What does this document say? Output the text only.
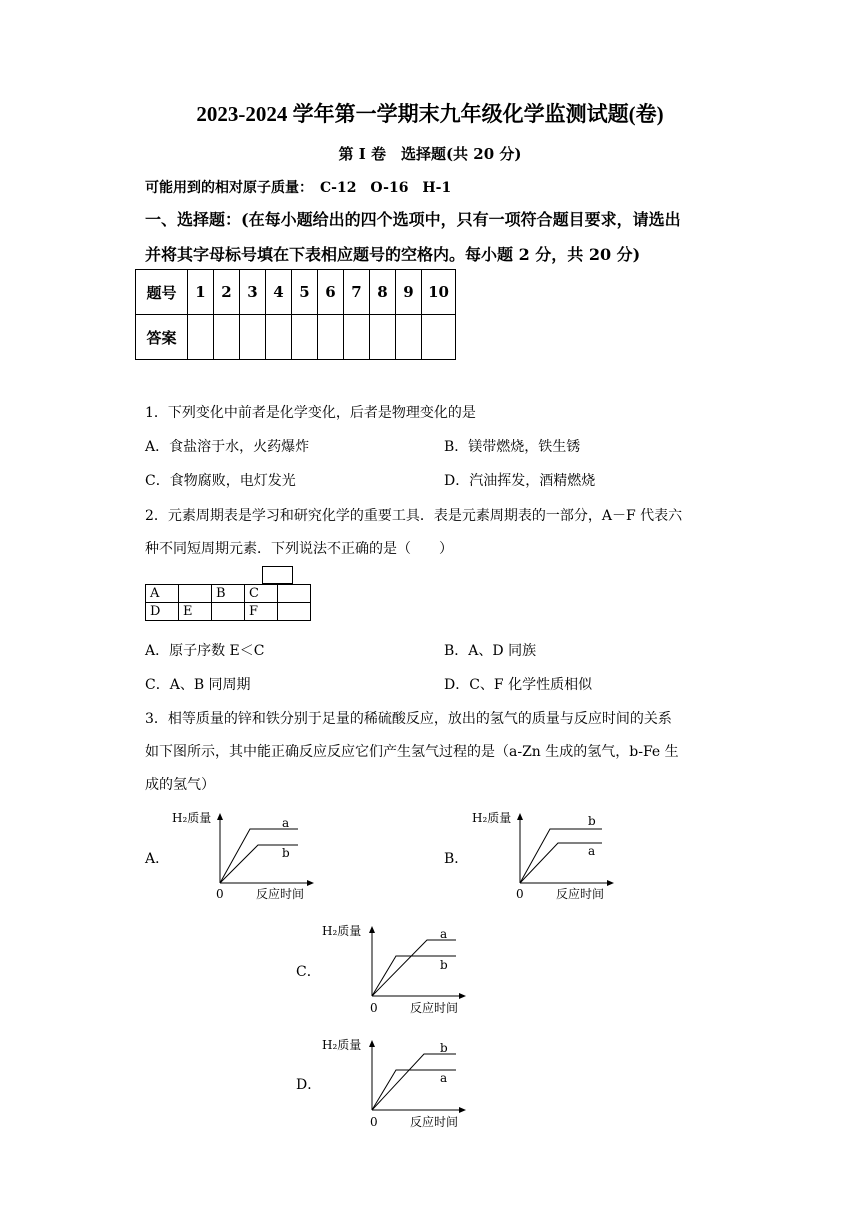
2023-2024 学年第一学期末九年级化学监测试题(卷)
第 I 卷　选择题(共 20 分)
可能用到的相对原子质量：　C-12　O-16　H-1
一、选择题：(在每小题给出的四个选项中，只有一项符合题目要求，请选出
并将其字母标号填在下表相应题号的空格内。每小题 2 分，共 20 分)
题号	1	2	3	4	5	6	7	8	9	10
答案										
1．下列变化中前者是化学变化，后者是物理变化的是
A．食盐溶于水，火药爆炸	B．镁带燃烧，铁生锈
C．食物腐败，电灯发光	D．汽油挥发，酒精燃烧
2．元素周期表是学习和研究化学的重要工具．表是元素周期表的一部分，A－F 代表六
种不同短周期元素．下列说法不正确的是（　　）
A		B	C	
D	E		F	
A．原子序数 E＜C	B．A、D 同族
C．A、B 同周期	D．C、F 化学性质相似
3．相等质量的锌和铁分别于足量的稀硫酸反应，放出的氢气的质量与反应时间的关系
如下图所示，其中能正确反应反应它们产生氢气过程的是（a-Zn 生成的氢气，b-Fe 生
成的氢气）
A．
H₂质量	a
b
0	反应时间
B．
H₂质量	b
a
0	反应时间
C．
H₂质量	a
b
0	反应时间
D．
H₂质量	b
a
0	反应时间
